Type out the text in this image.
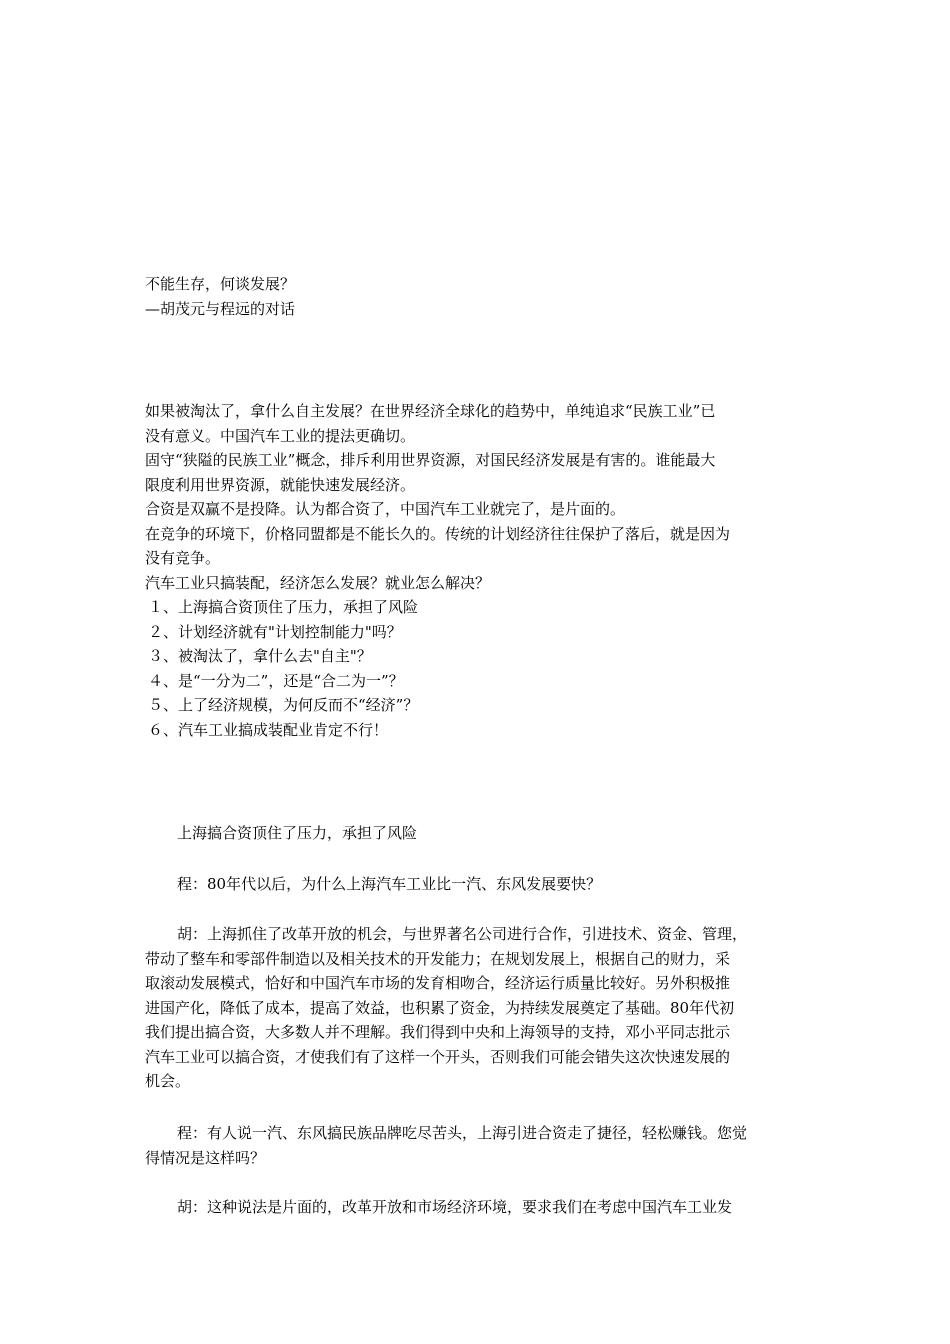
不能生存，何谈发展？
—胡茂元与程远的对话
如果被淘汰了，拿什么自主发展？在世界经济全球化的趋势中，单纯追求“民族工业”已
没有意义。中国汽车工业的提法更确切。
固守“狭隘的民族工业”概念，排斥利用世界资源，对国民经济发展是有害的。谁能最大
限度利用世界资源，就能快速发展经济。
合资是双赢不是投降。认为都合资了，中国汽车工业就完了，是片面的。
在竞争的环境下，价格同盟都是不能长久的。传统的计划经济往往保护了落后，就是因为
没有竞争。
汽车工业只搞装配，经济怎么发展？就业怎么解决？
１、上海搞合资顶住了压力，承担了风险
２、计划经济就有"计划控制能力"吗？
３、被淘汰了，拿什么去"自主"？
４、是“一分为二”，还是“合二为一”？
５、上了经济规模，为何反而不“经济”？
６、汽车工业搞成装配业肯定不行！
上海搞合资顶住了压力，承担了风险
程：80年代以后，为什么上海汽车工业比一汽、东风发展要快？
胡：上海抓住了改革开放的机会，与世界著名公司进行合作，引进技术、资金、管理，
带动了整车和零部件制造以及相关技术的开发能力；在规划发展上，根据自己的财力，采
取滚动发展模式，恰好和中国汽车市场的发育相吻合，经济运行质量比较好。另外积极推
进国产化，降低了成本，提高了效益，也积累了资金，为持续发展奠定了基础。80年代初
我们提出搞合资，大多数人并不理解。我们得到中央和上海领导的支持，邓小平同志批示
汽车工业可以搞合资，才使我们有了这样一个开头，否则我们可能会错失这次快速发展的
机会。
程：有人说一汽、东风搞民族品牌吃尽苦头，上海引进合资走了捷径，轻松赚钱。您觉
得情况是这样吗？
胡：这种说法是片面的，改革开放和市场经济环境，要求我们在考虑中国汽车工业发
